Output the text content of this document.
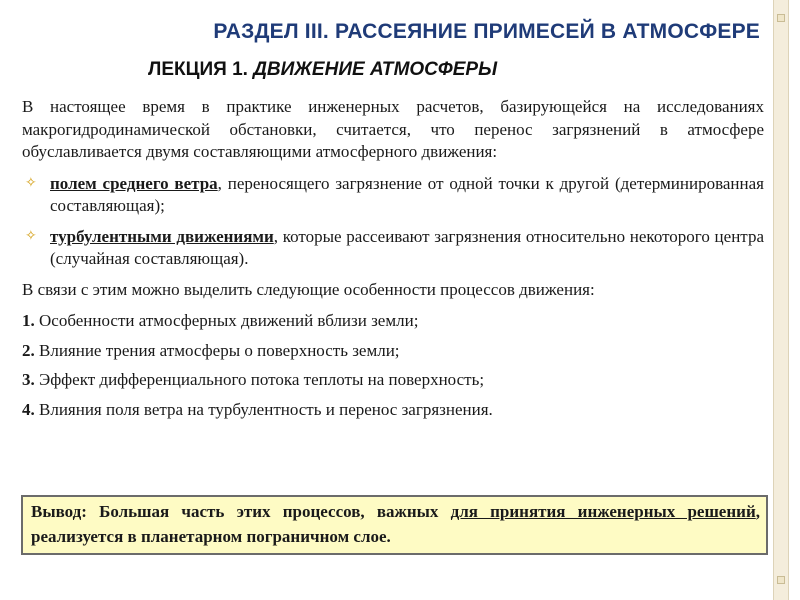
РАЗДЕЛ III. РАССЕЯНИЕ ПРИМЕСЕЙ В АТМОСФЕРЕ
ЛЕКЦИЯ 1. ДВИЖЕНИЕ АТМОСФЕРЫ

В настоящее время в практике инженерных расчетов, базирующейся на исследованиях макрогидродинамической обстановки, считается, что перенос загрязнений в атмосфере обуславливается двумя составляющими атмосферного движения:

✧ полем среднего ветра, переносящего загрязнение от одной точки к другой (детерминированная составляющая);
✧ турбулентными движениями, которые рассеивают загрязнения относительно некоторого центра (случайная составляющая).

В связи с этим можно выделить следующие особенности процессов движения:

1. Особенности атмосферных движений вблизи земли;
2. Влияние трения атмосферы о поверхность земли;
3. Эффект дифференциального потока теплоты на поверхность;
4. Влияния поля ветра на турбулентность и перенос загрязнения.
Вывод: Большая часть этих процессов, важных для принятия инженерных решений, реализуется в планетарном пограничном слое.
